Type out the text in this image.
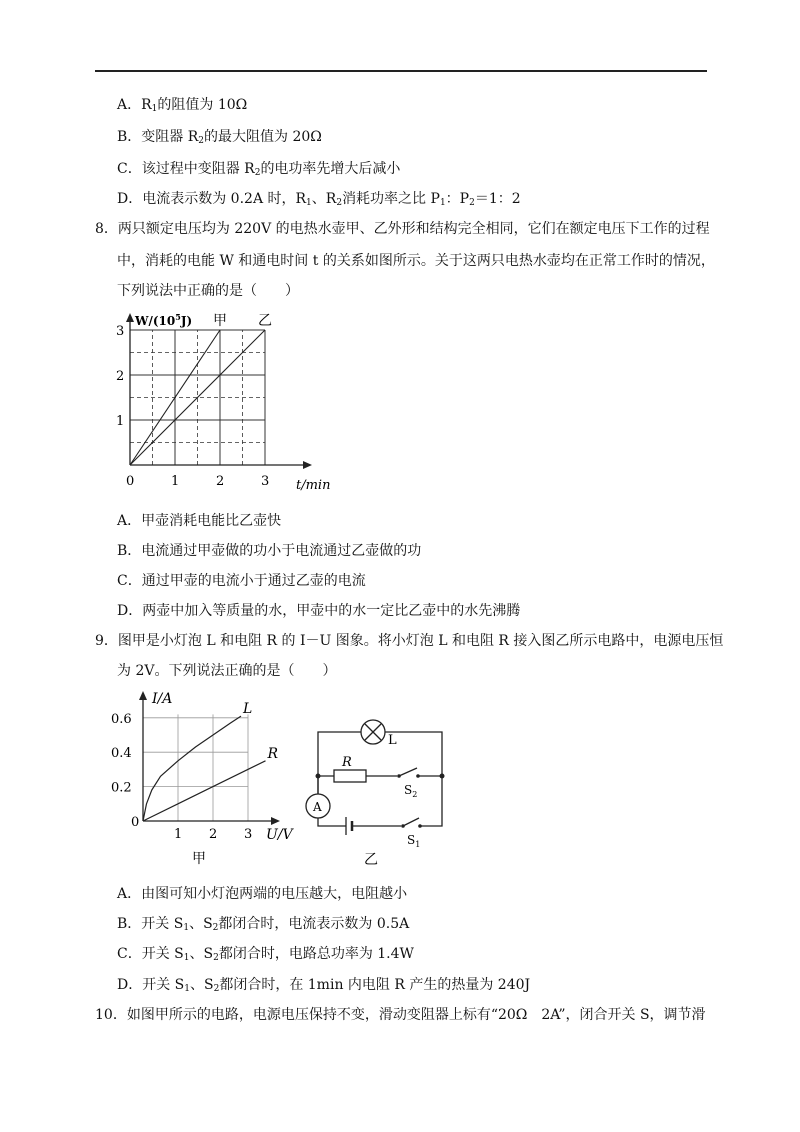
A．$R_1$的阻值为 10Ω
B．变阻器 $R_2$的最大阻值为 20Ω
C．该过程中变阻器 $R_2$的电功率先增大后减小
D．电流表示数为 0.2A 时，$R_1$、$R_2$消耗功率之比 $P_1$：$P_2=1$：2
8．两只额定电压均为 220V 的电热水壶甲、乙外形和结构完全相同，它们在额定电压下工作的过程
中，消耗的电能 W 和通电时间 t 的关系如图所示。关于这两只电热水壶均在正常工作时的情况，
下列说法中正确的是（　　）
甲 乙
1	2	3
1
2
3
0
$W/(10^5J)$
t/min
A．甲壶消耗电能比乙壶快
B．电流通过甲壶做的功小于电流通过乙壶做的功
C．通过甲壶的电流小于通过乙壶的电流
D．两壶中加入等质量的水，甲壶中的水一定比乙壶中的水先沸腾
9．图甲是小灯泡 L 和电阻 R 的 I－U 图象。将小灯泡 L 和电阻 R 接入图乙所示电路中，电源电压恒
为 2V。下列说法正确的是（　　）
L
R
1 2 3
0.2
0.4
0.6
0
I/A
U/V
甲
L
R
$S_2$
A
$S_1$
乙
A．由图可知小灯泡两端的电压越大，电阻越小
B．开关 $S_1$、$S_2$都闭合时，电流表示数为 0.5A
C．开关 $S_1$、$S_2$都闭合时，电路总功率为 1.4W
D．开关 $S_1$、$S_2$都闭合时，在 1min 内电阻 R 产生的热量为 240J
10．如图甲所示的电路，电源电压保持不变，滑动变阻器上标有“20Ω　2A”，闭合开关 S，调节滑
